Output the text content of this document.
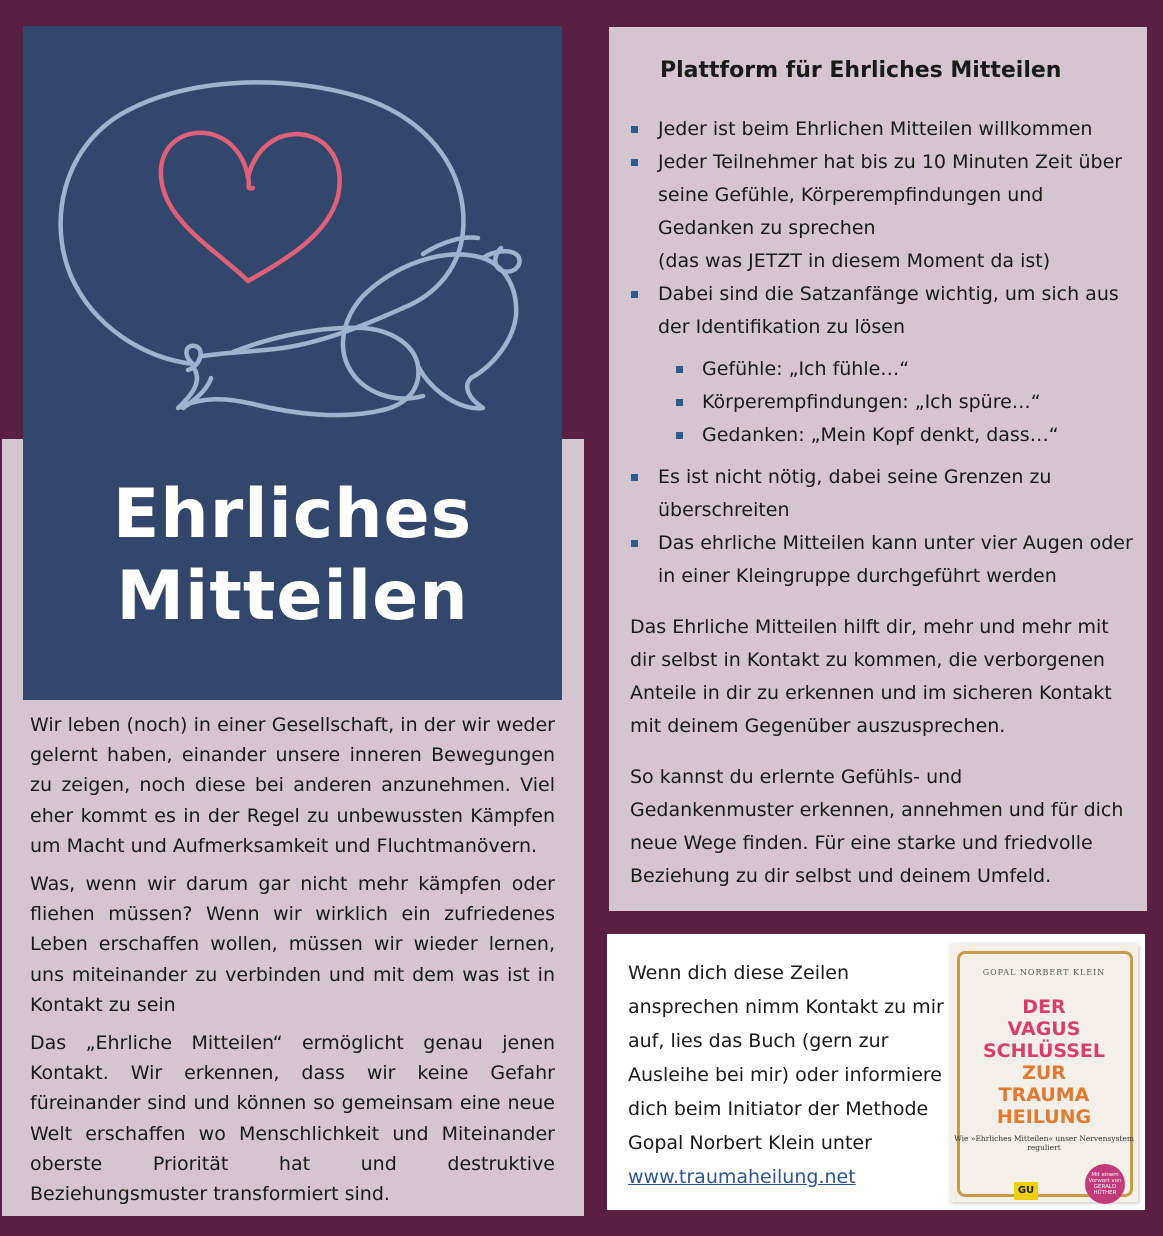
Ehrliches
Mitteilen

Wir leben (noch) in einer Gesellschaft, in der wir weder gelernt haben, einander unsere inneren Bewegungen zu zeigen, noch diese bei anderen anzunehmen. Viel eher kommt es in der Regel zu unbewussten Kämpfen um Macht und Aufmerksamkeit und Fluchtmanövern.

Was, wenn wir darum gar nicht mehr kämpfen oder fliehen müssen? Wenn wir wirklich ein zufriedenes Leben erschaffen wollen, müssen wir wieder lernen, uns miteinander zu verbinden und mit dem was ist in Kontakt zu sein

Das „Ehrliche Mitteilen“ ermöglicht genau jenen Kontakt. Wir erkennen, dass wir keine Gefahr füreinander sind und können so gemeinsam eine neue Welt erschaffen wo Menschlichkeit und Miteinander oberste Priorität hat und destruktive Beziehungsmuster transformiert sind.

Plattform für Ehrliches Mitteilen
Jeder ist beim Ehrlichen Mitteilen willkommen
Jeder Teilnehmer hat bis zu 10 Minuten Zeit über seine Gefühle, Körperempfindungen und Gedanken zu sprechen
(das was JETZT in diesem Moment da ist)
Dabei sind die Satzanfänge wichtig, um sich aus der Identifikation zu lösen
Gefühle: „Ich fühle…“
Körperempfindungen: „Ich spüre…“
Gedanken: „Mein Kopf denkt, dass…“
Es ist nicht nötig, dabei seine Grenzen zu überschreiten
Das ehrliche Mitteilen kann unter vier Augen oder in einer Kleingruppe durchgeführt werden

Das Ehrliche Mitteilen hilft dir, mehr und mehr mit dir selbst in Kontakt zu kommen, die verborgenen Anteile in dir zu erkennen und im sicheren Kontakt mit deinem Gegenüber auszusprechen.

So kannst du erlernte Gefühls- und Gedankenmuster erkennen, annehmen und für dich neue Wege finden. Für eine starke und friedvolle Beziehung zu dir selbst und deinem Umfeld.

Wenn dich diese Zeilen ansprechen nimm Kontakt zu mir auf, lies das Buch (gern zur Ausleihe bei mir) oder informiere dich beim Initiator der Methode Gopal Norbert Klein unter
www.traumaheilung.net
GOPAL NORBERT KLEIN
DER
VAGUS
SCHLÜSSEL
ZUR
TRAUMA
HEILUNG
Wie »Ehrliches Mitteilen« unser Nervensystem reguliert
GU
Mit einem Vorwort von GERALD HÜTHER
